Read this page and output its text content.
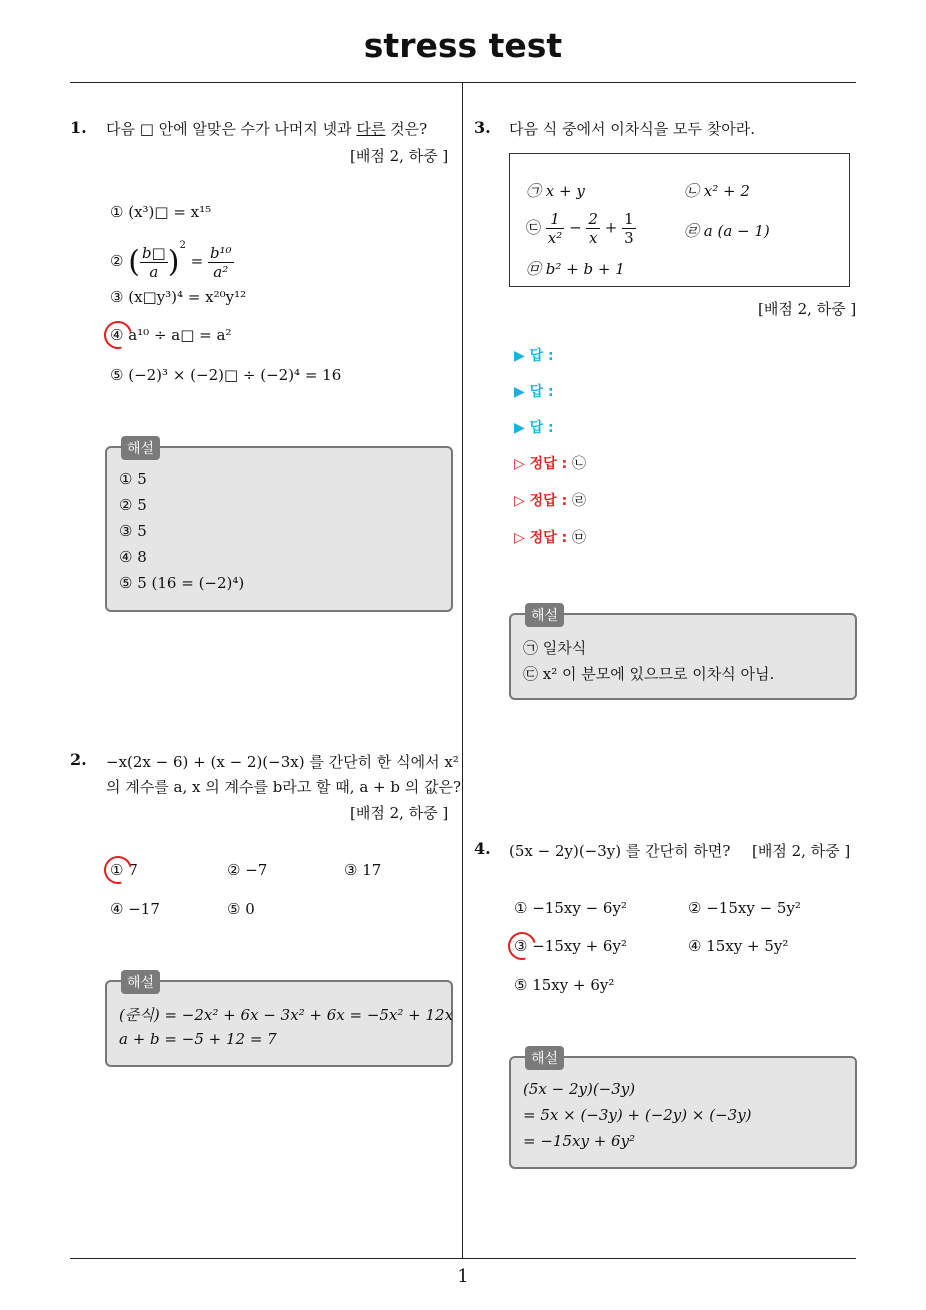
stress test
1
1. 다음 □ 안에 알맞은 수가 나머지 넷과 다른 것은?
[배점 2, 하중 ]
① (x³)□ = x¹⁵
② ( $\frac{b□}{a} )^2 = \frac{\text{b¹⁰}}{\text{a²}}$
③ (x□y³)⁴ = x²⁰y¹²
④ a¹⁰ ÷ a□ = a²
⑤ (−2)³ × (−2)□ ÷ (−2)⁴ = 16
해설
① 5
② 5
③ 5
④ 8
⑤ 5 (16 = (−2)⁴)
2. −x(2x − 6) + (x − 2)(−3x) 를 간단히 한 식에서 x²
의 계수를 a, x 의 계수를 b라고 할 때, a + b 의 값은?
[배점 2, 하중 ]
① 7	② −7	③ 17
④ −17	⑤ 0
해설
(준식) = −2x² + 6x − 3x² + 6x = −5x² + 12x
a + b = −5 + 12 = 7
3. 다음 식 중에서 이차식을 모두 찾아라.
㉠ x + y	㉡ x² + 2
㉢ $\frac{1}{\text{x²}} - \frac{2}{x} + \frac{1}{3}$	㉣ a (a − 1)
㉤ b² + b + 1
[배점 2, 하중 ]
▶ 답 :
▶ 답 :
▶ 답 :
▷ 정답 : ㉡
▷ 정답 : ㉣
▷ 정답 : ㉤
해설
㉠ 일차식
㉢ x² 이 분모에 있으므로 이차식 아님.
4. (5x − 2y)(−3y) 를 간단히 하면? [배점 2, 하중 ]
① −15xy − 6y²	② −15xy − 5y²
③ −15xy + 6y²	④ 15xy + 5y²
⑤ 15xy + 6y²
해설
(5x − 2y)(−3y)
= 5x × (−3y) + (−2y) × (−3y)
= −15xy + 6y²
